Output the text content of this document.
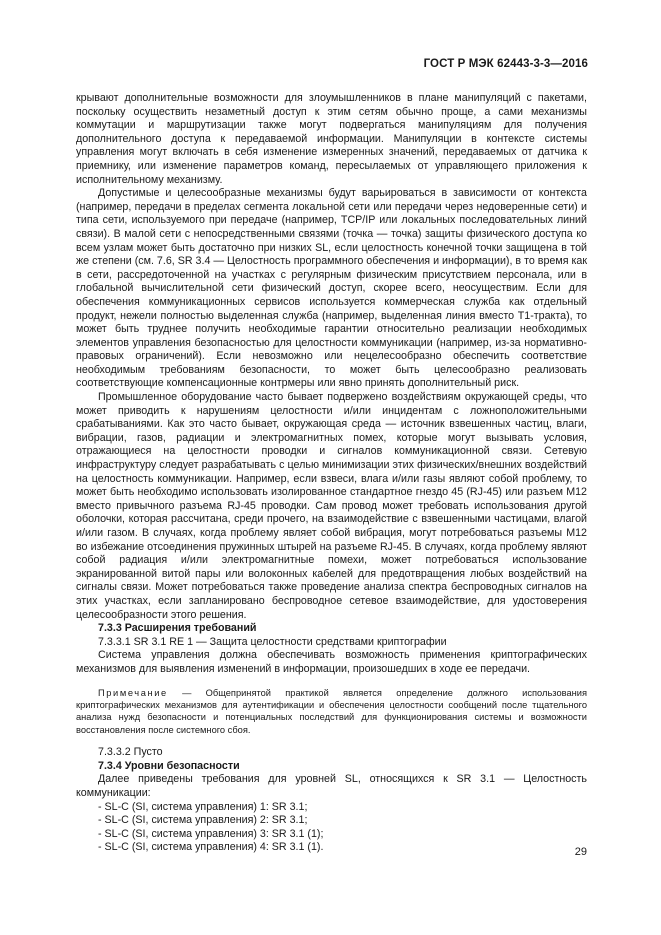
ГОСТ Р МЭК 62443-3-3—2016

крывают дополнительные возможности для злоумышленников в плане манипуляций с пакетами, поскольку осуществить незаметный доступ к этим сетям обычно проще, а сами механизмы коммутации и маршрутизации также могут подвергаться манипуляциям для получения дополнительного доступа к передаваемой информации. Манипуляции в контексте системы управления могут включать в себя изменение измеренных значений, передаваемых от датчика к приемнику, или изменение параметров команд, пересылаемых от управляющего приложения к исполнительному механизму.

Допустимые и целесообразные механизмы будут варьироваться в зависимости от контекста (например, передачи в пределах сегмента локальной сети или передачи через недоверенные сети) и типа сети, используемого при передаче (например, TCP/IP или локальных последовательных линий связи). В малой сети с непосредственными связями (точка — точка) защиты физического доступа ко всем узлам может быть достаточно при низких SL, если целостность конечной точки защищена в той же степени (см. 7.6, SR 3.4 — Целостность программного обеспечения и информации), в то время как в сети, рассредоточенной на участках с регулярным физическим присутствием персонала, или в глобальной вычислительной сети физический доступ, скорее всего, неосуществим. Если для обеспечения коммуникационных сервисов используется коммерческая служба как отдельный продукт, нежели полностью выделенная служба (например, выделенная линия вместо T1-тракта), то может быть труднее получить необходимые гарантии относительно реализации необходимых элементов управления безопасностью для целостности коммуникации (например, из-за нормативно-правовых ограничений). Если невозможно или нецелесообразно обеспечить соответствие необходимым требованиям безопасности, то может быть целесообразно реализовать соответствующие компенсационные контрмеры или явно принять дополнительный риск.

Промышленное оборудование часто бывает подвержено воздействиям окружающей среды, что может приводить к нарушениям целостности и/или инцидентам с ложноположительными срабатываниями. Как это часто бывает, окружающая среда — источник взвешенных частиц, влаги, вибрации, газов, радиации и электромагнитных помех, которые могут вызывать условия, отражающиеся на целостности проводки и сигналов коммуникационной связи. Сетевую инфраструктуру следует разрабатывать с целью минимизации этих физических/внешних воздействий на целостность коммуникации. Например, если взвеси, влага и/или газы являют собой проблему, то может быть необходимо использовать изолированное стандартное гнездо 45 (RJ-45) или разъем M12 вместо привычного разъема RJ-45 проводки. Сам провод может требовать использования другой оболочки, которая рассчитана, среди прочего, на взаимодействие с взвешенными частицами, влагой и/или газом. В случаях, когда проблему являет собой вибрация, могут потребоваться разъемы M12 во избежание отсоединения пружинных штырей на разъеме RJ-45. В случаях, когда проблему являют собой радиация и/или электромагнитные помехи, может потребоваться использование экранированной витой пары или волоконных кабелей для предотвращения любых воздействий на сигналы связи. Может потребоваться также проведение анализа спектра беспроводных сигналов на этих участках, если запланировано беспроводное сетевое взаимодействие, для удостоверения целесообразности этого решения.

7.3.3 Расширения требований

7.3.3.1 SR 3.1 RE 1 — Защита целостности средствами криптографии

Система управления должна обеспечивать возможность применения криптографических механизмов для выявления изменений в информации, произошедших в ходе ее передачи.

Примечание — Общепринятой практикой является определение должного использования криптографических механизмов для аутентификации и обеспечения целостности сообщений после тщательного анализа нужд безопасности и потенциальных последствий для функционирования системы и возможности восстановления после системного сбоя.

7.3.3.2 Пусто

7.3.4 Уровни безопасности

Далее приведены требования для уровней SL, относящихся к SR 3.1 — Целостность коммуникации:

- SL-C (SI, система управления) 1: SR 3.1;
- SL-C (SI, система управления) 2: SR 3.1;
- SL-C (SI, система управления) 3: SR 3.1 (1);
- SL-C (SI, система управления) 4: SR 3.1 (1).	29
